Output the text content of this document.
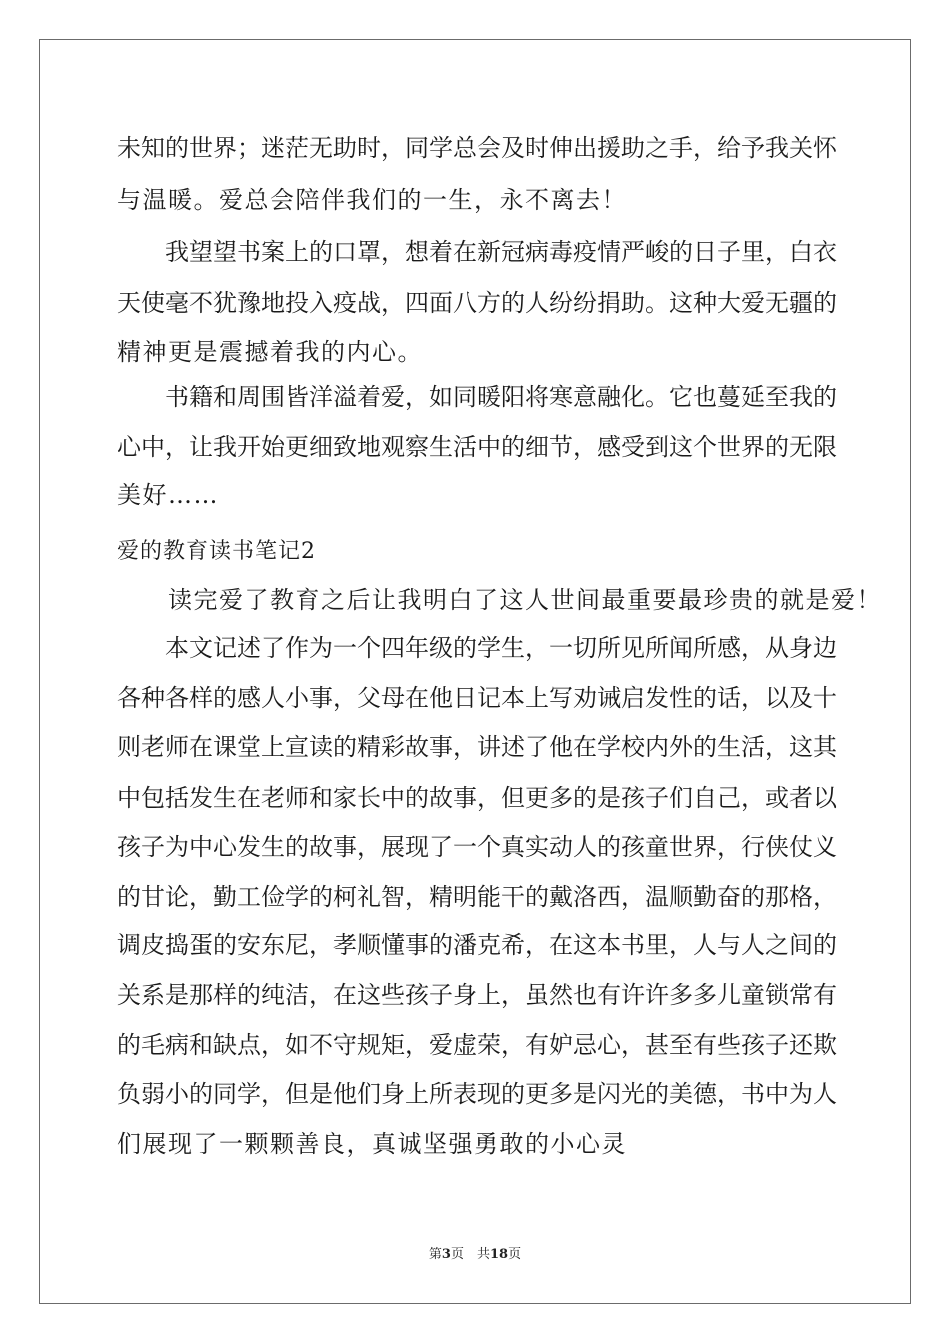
未知的世界；迷茫无助时，同学总会及时伸出援助之手，给予我关怀
与温暖。爱总会陪伴我们的一生，永不离去！
　　我望望书案上的口罩，想着在新冠病毒疫情严峻的日子里，白衣
天使毫不犹豫地投入疫战，四面八方的人纷纷捐助。这种大爱无疆的
精神更是震撼着我的内心。
　　书籍和周围皆洋溢着爱，如同暖阳将寒意融化。它也蔓延至我的
心中，让我开始更细致地观察生活中的细节，感受到这个世界的无限
美好……
爱的教育读书笔记2
　　读完爱了教育之后让我明白了这人世间最重要最珍贵的就是爱！
　　本文记述了作为一个四年级的学生，一切所见所闻所感，从身边
各种各样的感人小事，父母在他日记本上写劝诫启发性的话，以及十
则老师在课堂上宣读的精彩故事，讲述了他在学校内外的生活，这其
中包括发生在老师和家长中的故事，但更多的是孩子们自己，或者以
孩子为中心发生的故事，展现了一个真实动人的孩童世界，行侠仗义
的甘论，勤工俭学的柯礼智，精明能干的戴洛西，温顺勤奋的那格，
调皮捣蛋的安东尼，孝顺懂事的潘克希，在这本书里，人与人之间的
关系是那样的纯洁，在这些孩子身上，虽然也有许许多多儿童锁常有
的毛病和缺点，如不守规矩，爱虚荣，有妒忌心，甚至有些孩子还欺
负弱小的同学，但是他们身上所表现的更多是闪光的美德，书中为人
们展现了一颗颗善良，真诚坚强勇敢的小心灵
第3页　共18页
